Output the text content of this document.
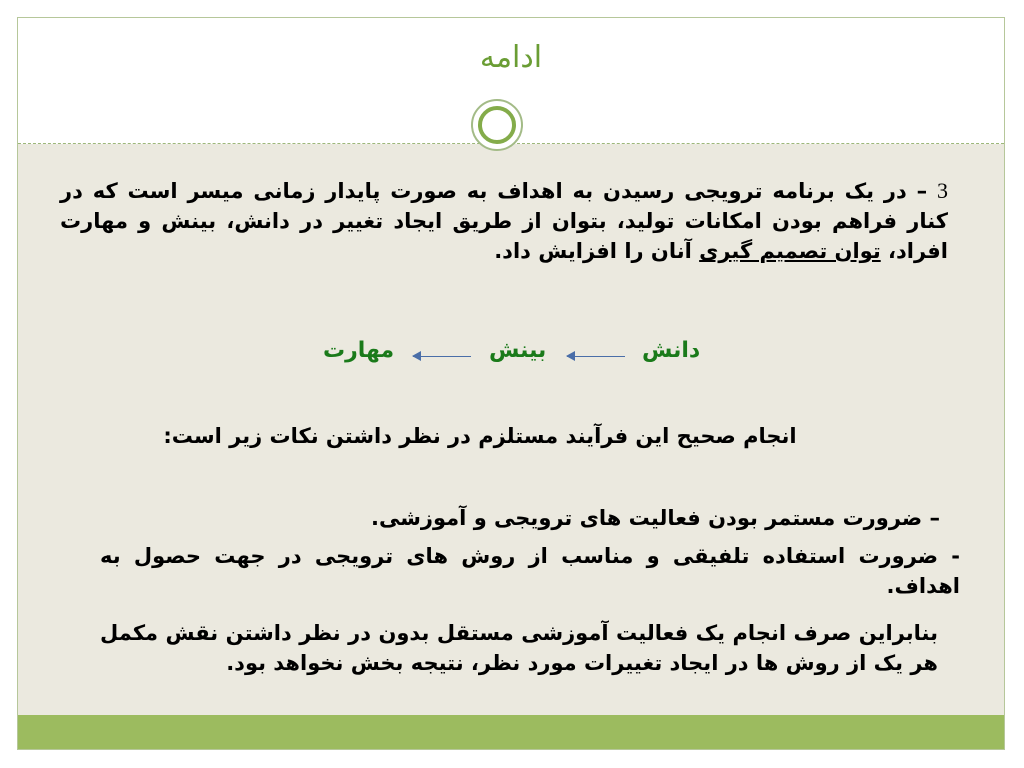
ادامه
3 – در یک برنامه ترویجی رسیدن به اهداف به صورت پایدار زمانی میسر است که در کنار فراهم بودن امکانات تولید، بتوان از طریق ایجاد تغییر در دانش، بینش و مهارت افراد، توان تصمیم گیری آنان را افزایش داد.
دانش
بینش
مهارت
انجام صحیح این فرآیند مستلزم در نظر داشتن نکات زیر است:
– ضرورت مستمر بودن فعالیت های ترویجی و آموزشی.
- ضرورت استفاده تلفیقی و مناسب از روش های ترویجی در جهت حصول به اهداف.
بنابراین صرف انجام یک فعالیت آموزشی مستقل بدون در نظر داشتن نقش مکمل هر یک از روش ها در ایجاد تغییرات مورد نظر، نتیجه بخش نخواهد بود.
